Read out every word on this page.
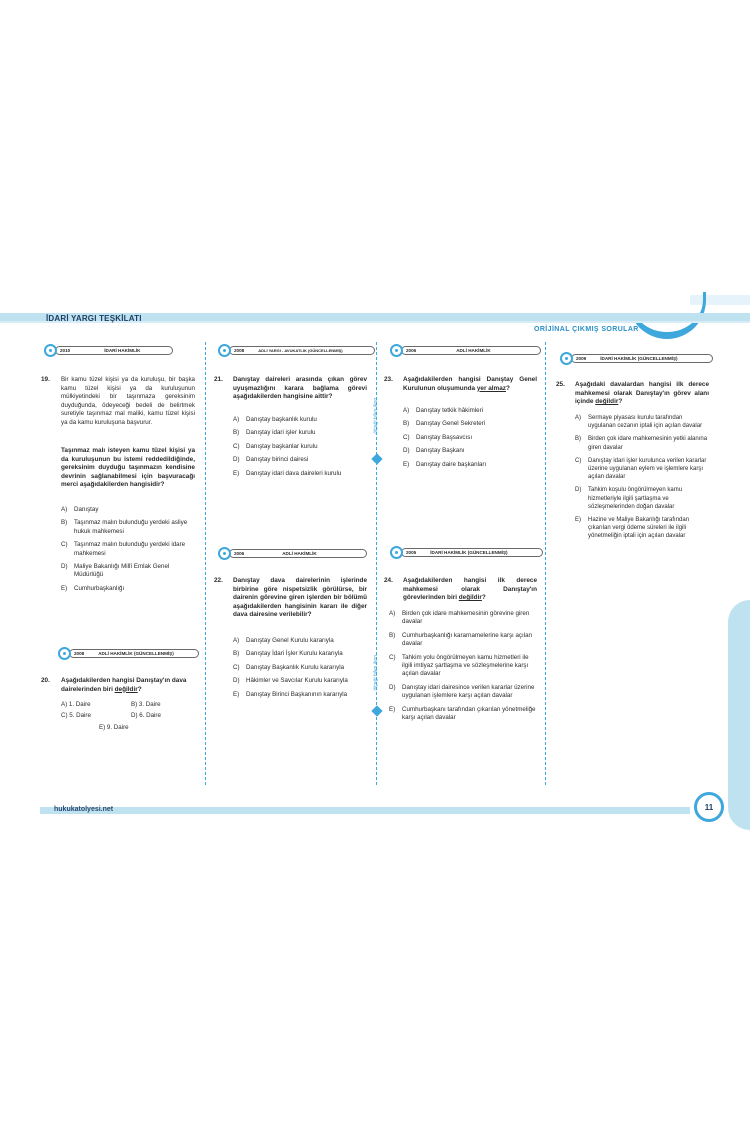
İDARİ YARGI TEŞKİLATI
ORİJİNAL ÇIKMIŞ SORULAR
2010	İDARİ HAKİMLİK
19. Bir kamu tüzel kişisi ya da kuruluşu, bir başka kamu tüzel kişisi ya da kuruluşunun mülkiyetindeki bir taşınmaza gereksinim duyduğunda, ödeyeceği bedeli de belirtmek suretiyle taşınmaz mal maliki, kamu tüzel kişisi ya da kamu kuruluşuna başvurur.
Taşınmaz malı isteyen kamu tüzel kişisi ya da kuruluşunun bu istemi reddedildiğinde, gereksinim duyduğu taşınmazın kendisine devrinin sağlanabilmesi için başvuracağı merci aşağıdakilerden hangisidir?
A)	Danıştay
B)	Taşınmaz malın bulunduğu yerdeki asliye hukuk mahkemesi
C)	Taşınmaz malın bulunduğu yerdeki idare mahkemesi
D)	Maliye Bakanlığı Millî Emlak Genel Müdürlüğü
E)	Cumhurbaşkanlığı
2008	ADLİ HAKİMLİK (GÜNCELLENMİŞ)
20. Aşağıdakilerden hangisi Danıştay'ın dava dairelerinden biri değildir?
A) 1. Daire	B) 3. Daire
C) 5. Daire	D) 6. Daire
E) 9. Daire
2008	ADLİ YARGI - AVUKATLIK (GÜNCELLENMİŞ)
21. Danıştay daireleri arasında çıkan görev uyuşmazlığını karara bağlama görevi aşağıdakilerden hangisine aittir?
A)	Danıştay başkanlık kurulu
B)	Danıştay idari işler kurulu
C)	Danıştay başkanlar kurulu
D)	Danıştay birinci dairesi
E)	Danıştay idari dava daireleri kurulu
2006	ADLİ HAKİMLİK
22. Danıştay dava dairelerinin işlerinde birbirine göre nispetsizlik görülürse, bir dairenin görevine giren işlerden bir bölümü aşağıdakilerden hangisinin kararı ile diğer dava dairesine verilebilir?
A)	Danıştay Genel Kurulu kararıyla
B)	Danıştay İdari İşler Kurulu kararıyla
C)	Danıştay Başkanlık Kurulu kararıyla
D)	Hâkimler ve Savcılar Kurulu kararıyla
E)	Danıştay Birinci Başkanının kararıyla
2006	ADLİ HAKİMLİK
23. Aşağıdakilerden hangisi Danıştay Genel Kurulunun oluşumunda yer almaz?
A)	Danıştay tetkik hâkimleri
B)	Danıştay Genel Sekreteri
C)	Danıştay Başsavcısı
D)	Danıştay Başkanı
E)	Danıştay daire başkanları
2005	İDARİ HAKİMLİK (GÜNCELLENMİŞ)
24. Aşağıdakilerden hangisi ilk derece mahkemesi olarak Danıştay'ın görevlerinden biri değildir?
A)	Birden çok idare mahkemesinin görevine giren davalar
B)	Cumhurbaşkanlığı kararnamelerine karşı açılan davalar
C)	Tahkim yolu öngörülmeyen kamu hizmetleri ile ilgili imtiyaz şartlaşma ve sözleşmelerine karşı açılan davalar
D)	Danıştay idari dairesince verilen kararlar üzerine uygulanan işlemlere karşı açılan davalar
E)	Cumhurbaşkanı tarafından çıkarılan yönetmeliğe karşı açılan davalar
2009	İDARİ HAKİMLİK (GÜNCELLENMİŞ)
25. Aşağıdaki davalardan hangisi ilk derece mahkemesi olarak Danıştay'ın görev alanı içinde değildir?
A)	Sermaye piyasası kurulu tarafından uygulanan cezanın iptali için açılan davalar
B)	Birden çok idare mahkemesinin yetki alanına giren davalar
C)	Danıştay idari işler kurulunca verilen kararlar üzerine uygulanan eylem ve işlemlere karşı açılan davalar
D)	Tahkim koşulu öngörülmeyen kamu hizmetleriyle ilgili şartlaşma ve sözleşmelerinden doğan davalar
E)	Hazine ve Maliye Bakanlığı tarafından çıkarılan vergi ödeme süreleri ile ilgili yönetmeliğin iptali için açılan davalar
ölçeği bilen ikon
ölçeği bilen ikon
hukukatolyesi.net	11
